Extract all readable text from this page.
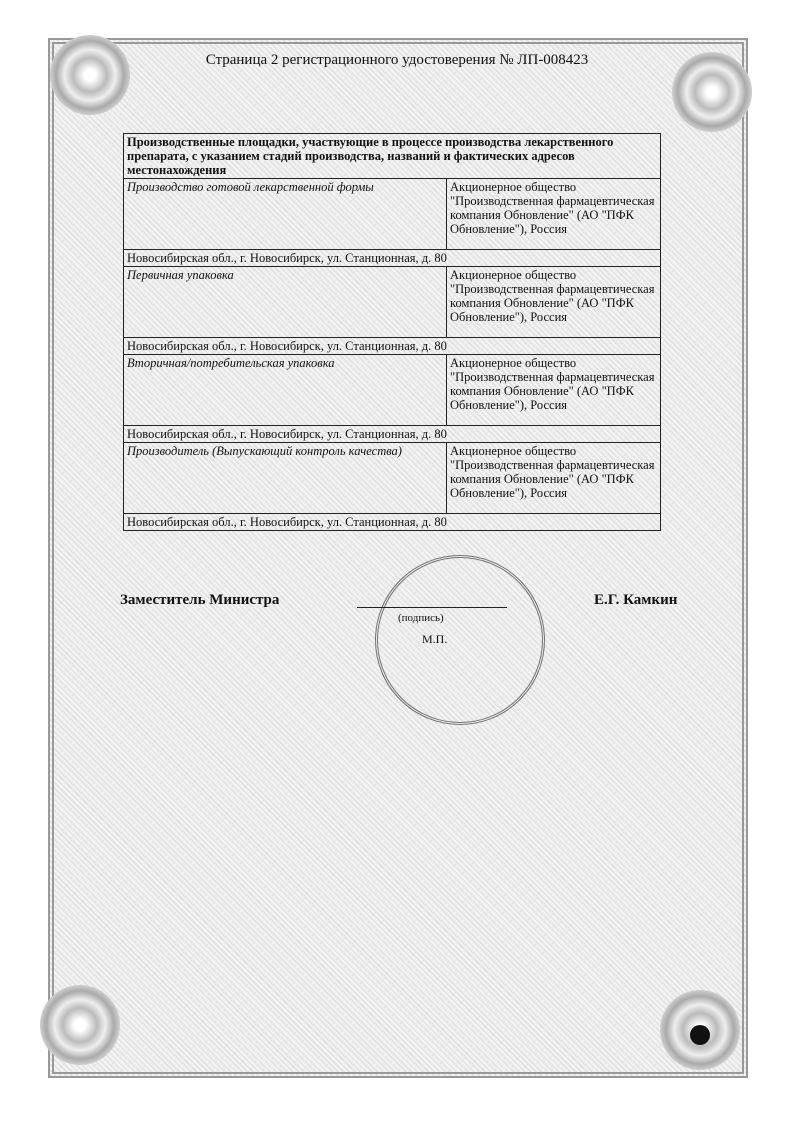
Страница 2 регистрационного удостоверения № ЛП-008423
Производственные площадки, участвующие в процессе производства лекарственного препарата, с указанием стадий производства, названий и фактических адресов местонахождения	
Производство готовой лекарственной формы	Акционерное общество "Производственная фармацевтическая компания Обновление" (АО "ПФК Обновление"), Россия
Новосибирская обл., г. Новосибирск, ул. Станционная, д. 80	
Первичная упаковка	Акционерное общество "Производственная фармацевтическая компания Обновление" (АО "ПФК Обновление"), Россия
Новосибирская обл., г. Новосибирск, ул. Станционная, д. 80	
Вторичная/потребительская упаковка	Акционерное общество "Производственная фармацевтическая компания Обновление" (АО "ПФК Обновление"), Россия
Новосибирская обл., г. Новосибирск, ул. Станционная, д. 80	
Производитель (Выпускающий контроль качества)	Акционерное общество "Производственная фармацевтическая компания Обновление" (АО "ПФК Обновление"), Россия
Новосибирская обл., г. Новосибирск, ул. Станционная, д. 80	
Заместитель Министра
(подпись)
М.П.
Е.Г. Камкин
